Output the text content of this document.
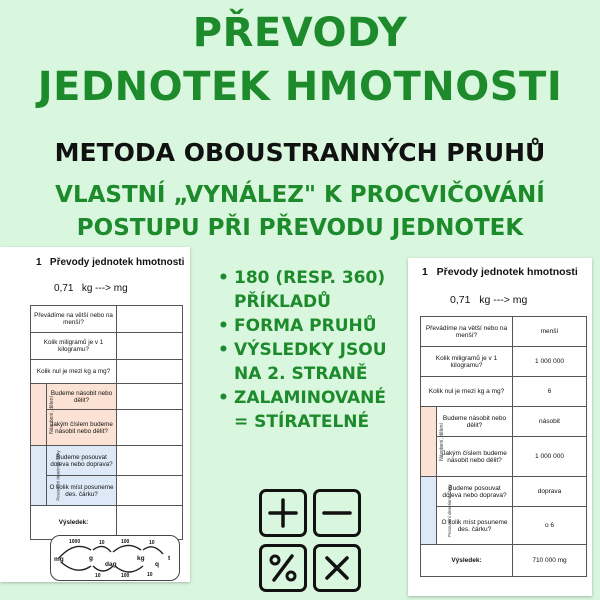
PŘEVODY
JEDNOTEK HMOTNOSTI
METODA OBOUSTRANNÝCH PRUHŮ
VLASTNÍ „VYNÁLEZ" K PROCVIČOVÁNÍ
POSTUPU PŘI PŘEVODU JEDNOTEK
1 Převody jednotek hmotnosti
0,71 kg ---> mg
Převádíme na větší nebo na menší?		
Kolik miligramů je v 1 kilogramu?		
Kolik nul je mezi kg a mg?		
Násobení, dělení	Budeme násobit nebo dělit?	
	Jakým číslem budeme násobit nebo dělit?	
Posouvání desetinné čárky	Budeme posouvat doleva nebo doprava?	
	O kolik míst posuneme des. čárku?	
Výsledek:		
mg	g
dag
kg
q
t
1000	10	100	10
10	100	10
• 180 (RESP. 360)
PŘÍKLADŮ
• FORMA PRUHŮ
• VÝSLEDKY JSOU
NA 2. STRANĚ
• ZALAMINOVANÉ
= STÍRATELNÉ
1 Převody jednotek hmotnosti
0,71 kg ---> mg
Převádíme na větší nebo na menší?		menší
Kolik miligramů je v 1 kilogramu?		1 000 000
Kolik nul je mezi kg a mg?		6
Násobení, dělení	Budeme násobit nebo dělit?	násobit
	Jakým číslem budeme násobit nebo dělit?	1 000 000
Posouvání desetinné čárky	Budeme posouvat doleva nebo doprava?	doprava
	O kolik míst posuneme des. čárku?	o 6
Výsledek:		710 000 mg
